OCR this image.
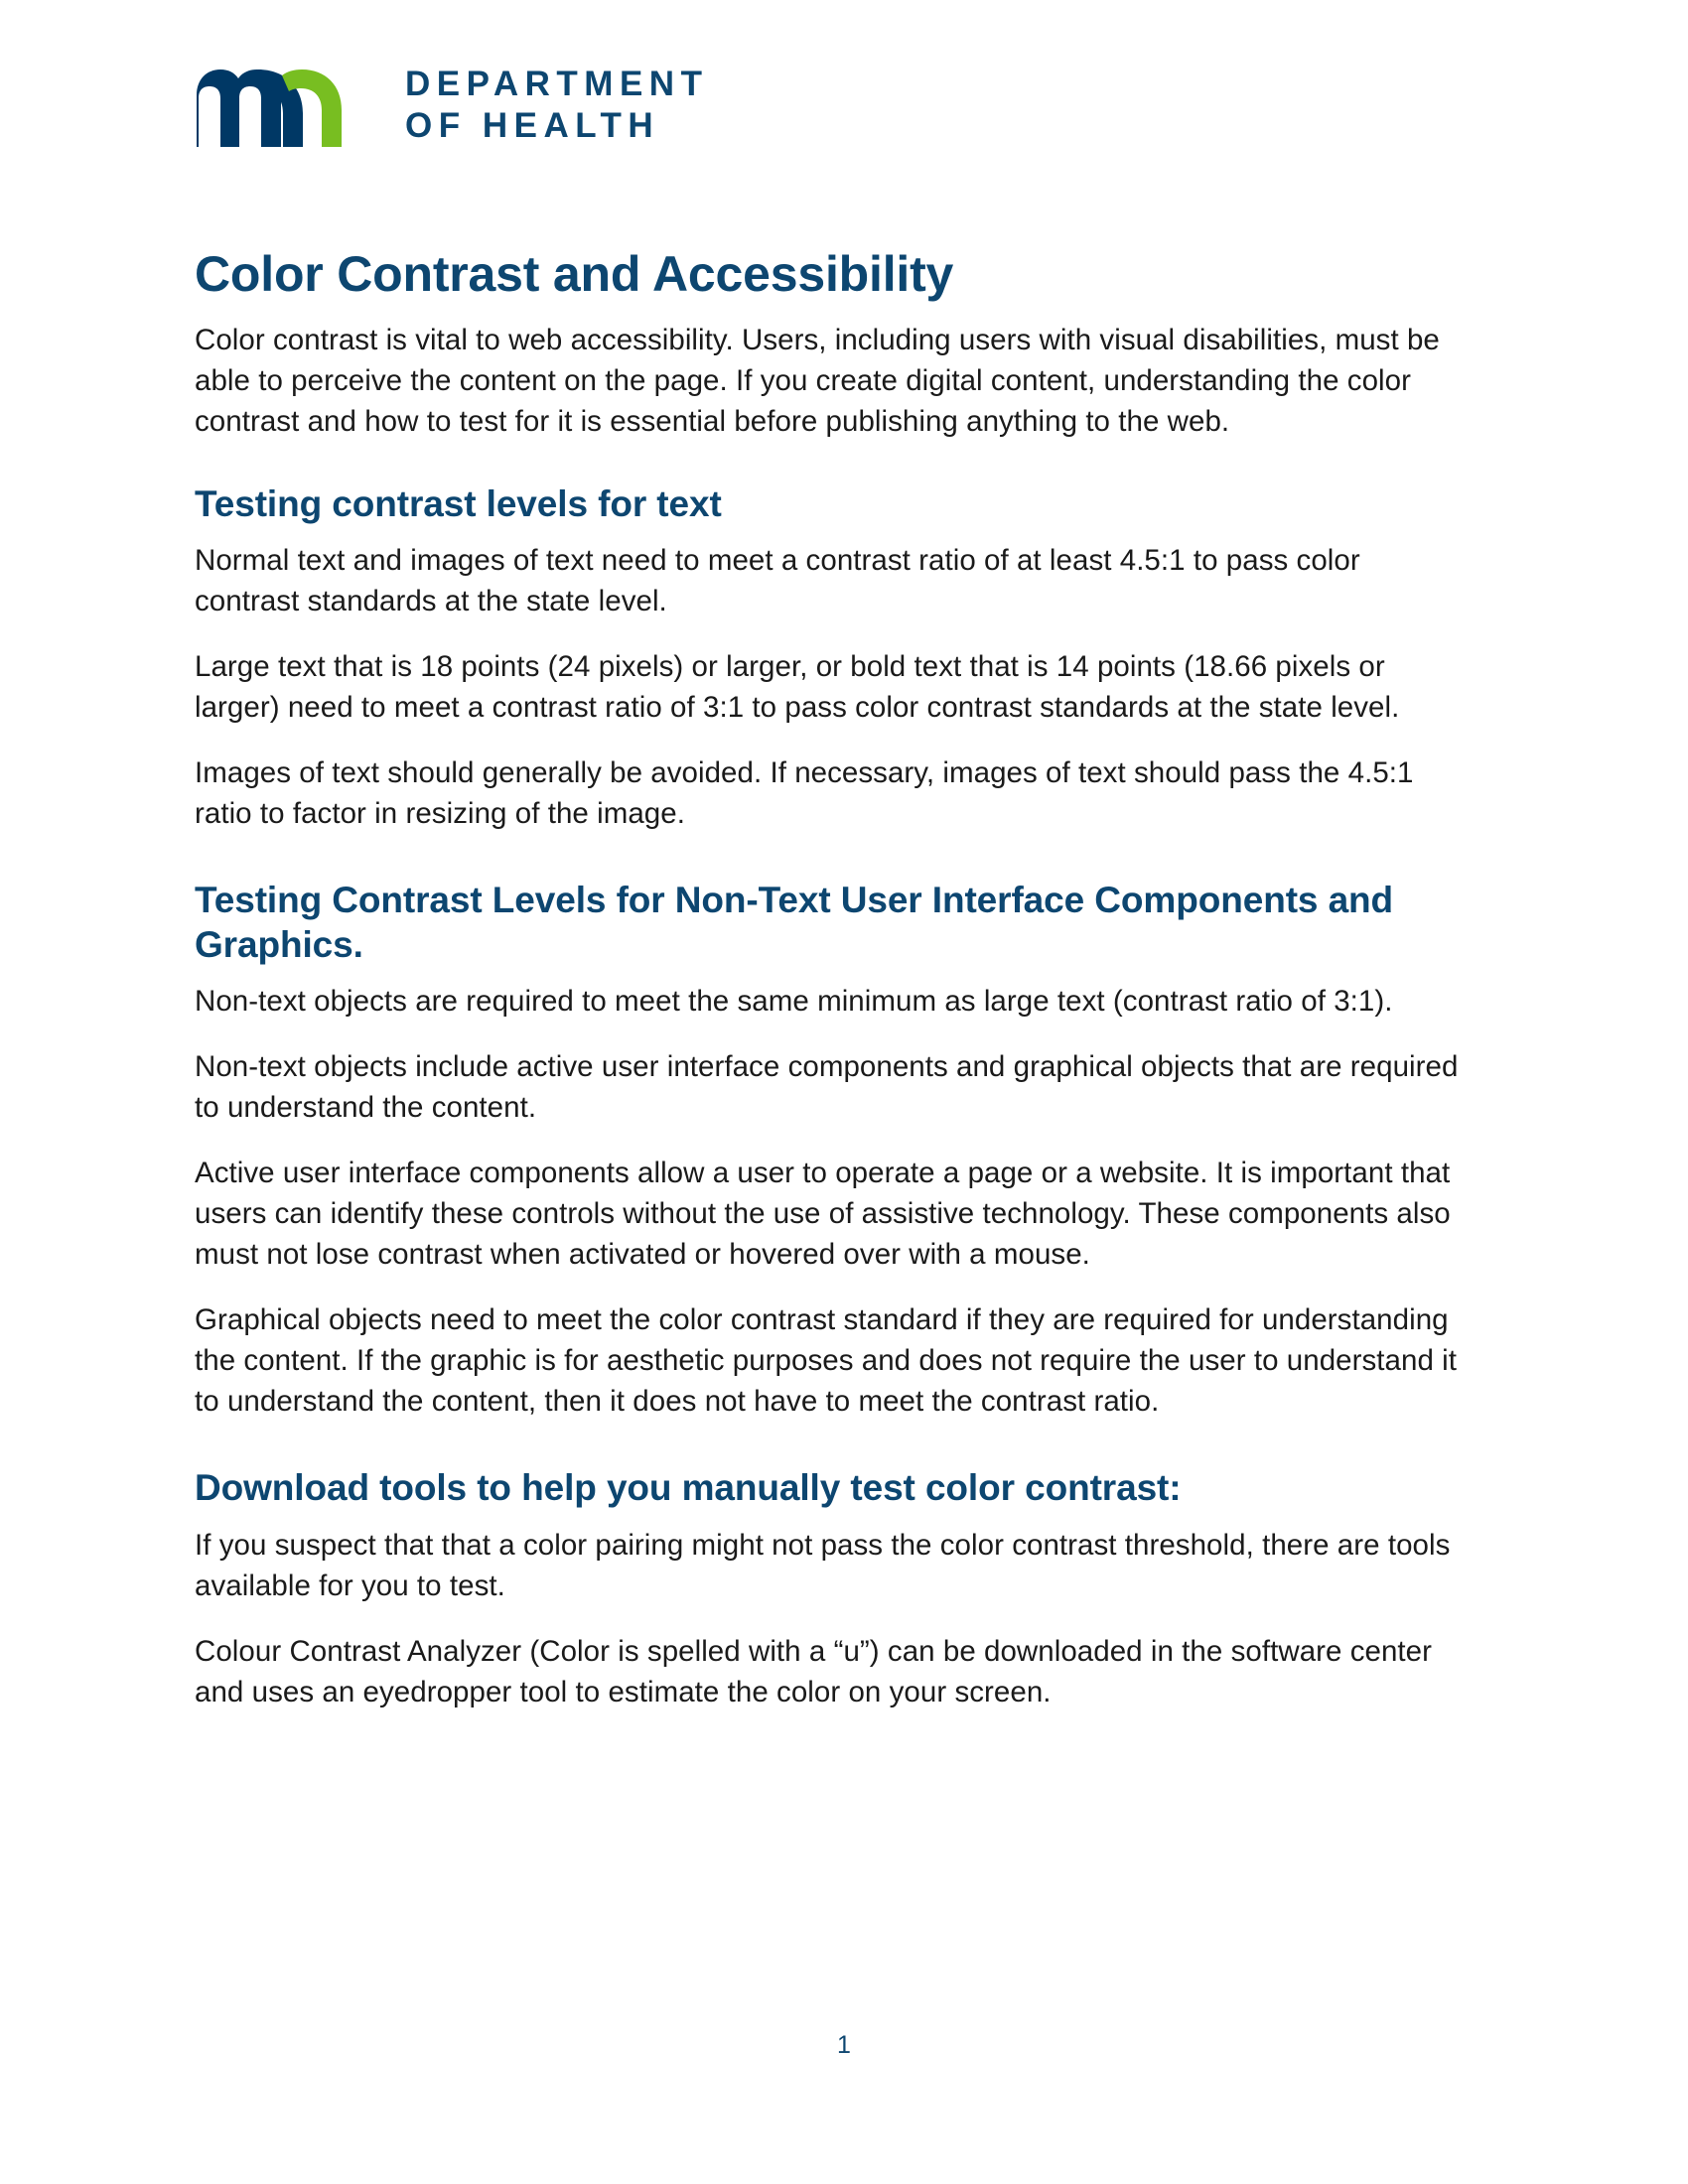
DEPARTMENT
OF HEALTH
Color Contrast and Accessibility

Color contrast is vital to web accessibility. Users, including users with visual disabilities, must be able to perceive the content on the page. If you create digital content, understanding the color contrast and how to test for it is essential before publishing anything to the web.

Testing contrast levels for text

Normal text and images of text need to meet a contrast ratio of at least 4.5:1 to pass color contrast standards at the state level.

Large text that is 18 points (24 pixels) or larger, or bold text that is 14 points (18.66 pixels or larger) need to meet a contrast ratio of 3:1 to pass color contrast standards at the state level.

Images of text should generally be avoided. If necessary, images of text should pass the 4.5:1 ratio to factor in resizing of the image.

Testing Contrast Levels for Non-Text User Interface Components and Graphics.

Non-text objects are required to meet the same minimum as large text (contrast ratio of 3:1).

Non-text objects include active user interface components and graphical objects that are required to understand the content.

Active user interface components allow a user to operate a page or a website. It is important that users can identify these controls without the use of assistive technology. These components also must not lose contrast when activated or hovered over with a mouse.

Graphical objects need to meet the color contrast standard if they are required for understanding the content. If the graphic is for aesthetic purposes and does not require the user to understand it to understand the content, then it does not have to meet the contrast ratio.

Download tools to help you manually test color contrast:

If you suspect that that a color pairing might not pass the color contrast threshold, there are tools available for you to test.

Colour Contrast Analyzer (Color is spelled with a “u”) can be downloaded in the software center and uses an eyedropper tool to estimate the color on your screen.

1
